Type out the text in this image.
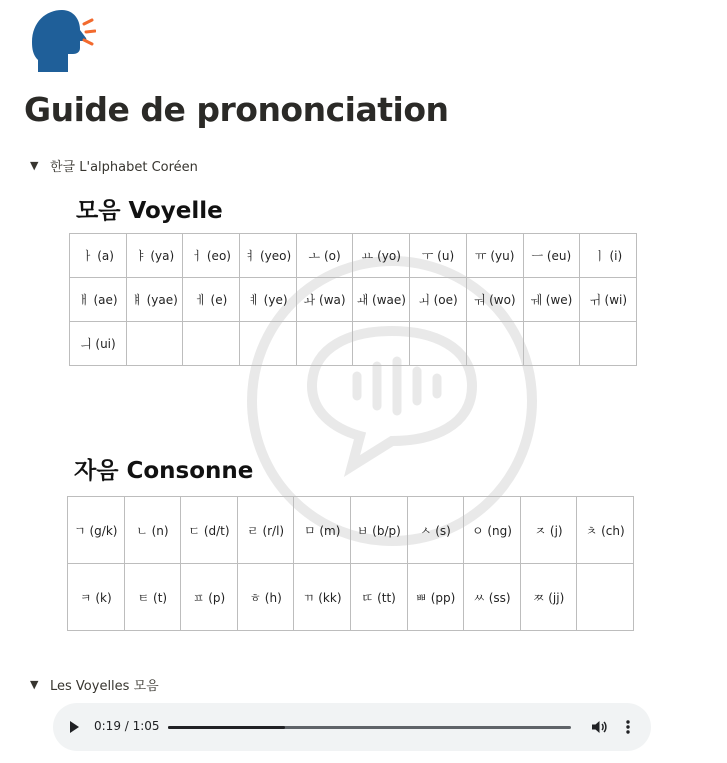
Guide de prononciation
▼ 한글 L'alphabet Coréen
모음 Voyelle
ㅏ (a)	ㅑ (ya)	ㅓ (eo)	ㅕ (yeo)	ㅗ (o)	ㅛ (yo)	ㅜ (u)	ㅠ (yu)	ㅡ (eu)	ㅣ (i)
ㅐ (ae)	ㅒ (yae)	ㅔ (e)	ㅖ (ye)	ㅘ (wa)	ㅙ (wae)	ㅚ (oe)	ㅝ (wo)	ㅞ (we)	ㅟ (wi)
ㅢ (ui)									
자음 Consonne
ㄱ (g/k)	ㄴ (n)	ㄷ (d/t)	ㄹ (r/l)	ㅁ (m)	ㅂ (b/p)	ㅅ (s)	ㅇ (ng)	ㅈ (j)	ㅊ (ch)
ㅋ (k)	ㅌ (t)	ㅍ (p)	ㅎ (h)	ㄲ (kk)	ㄸ (tt)	ㅃ (pp)	ㅆ (ss)	ㅉ (jj)	
▼ Les Voyelles 모음
0:19 / 1:05
